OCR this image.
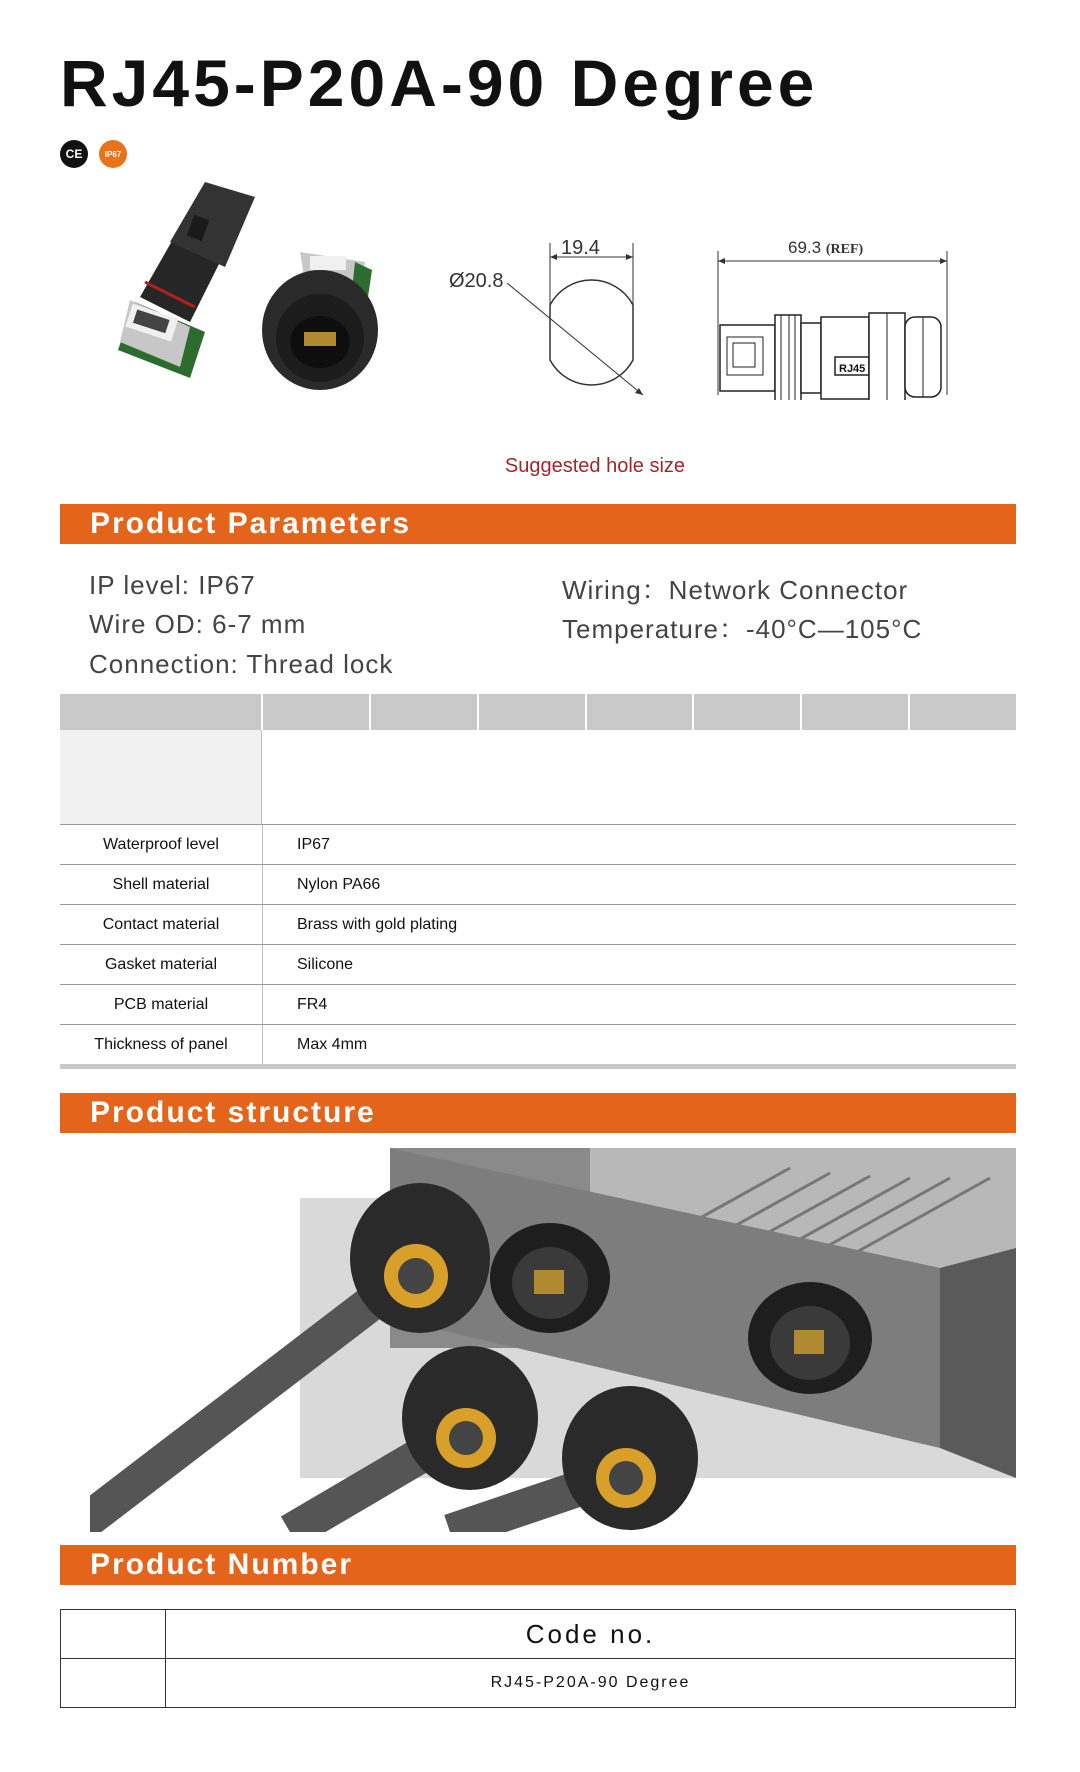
RJ45-P20A-90 Degree
CE	IP67
19.4
Ø20.8
69.3 (REF)
RJ45
Suggested hole size
Product Parameters
IP level: IP67
Wire OD: 6-7 mm
Connection: Thread lock
Wiring：Network Connector
Temperature：-40°C—105°C
Waterproof level	IP67
Shell material	Nylon PA66
Contact material	Brass with gold plating
Gasket material	Silicone
PCB material	FR4
Thickness of panel	Max 4mm
Product structure
Product Number
	Code no.
	RJ45-P20A-90 Degree
